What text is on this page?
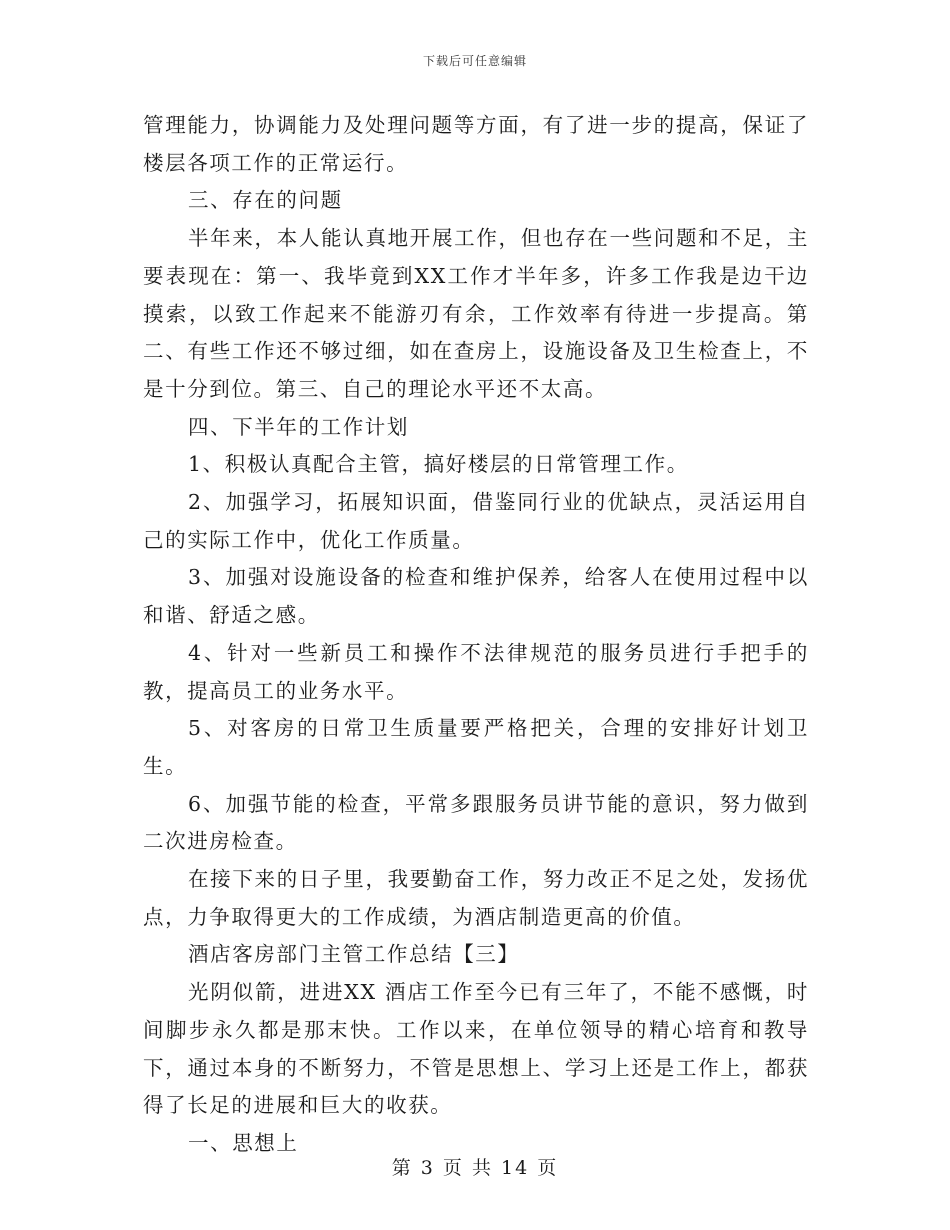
下载后可任意编辑

管理能力，协调能力及处理问题等方面，有了进一步的提高，保证了楼层各项工作的正常运行。

三、存在的问题

半年来，本人能认真地开展工作，但也存在一些问题和不足，主要表现在：第一、我毕竟到XX工作才半年多，许多工作我是边干边摸索，以致工作起来不能游刃有余，工作效率有待进一步提高。第二、有些工作还不够过细，如在查房上，设施设备及卫生检查上，不是十分到位。第三、自己的理论水平还不太高。

四、下半年的工作计划

1、积极认真配合主管，搞好楼层的日常管理工作。

2、加强学习，拓展知识面，借鉴同行业的优缺点，灵活运用自己的实际工作中，优化工作质量。

3、加强对设施设备的检查和维护保养，给客人在使用过程中以和谐、舒适之感。

4、针对一些新员工和操作不法律规范的服务员进行手把手的教，提高员工的业务水平。

5、对客房的日常卫生质量要严格把关，合理的安排好计划卫生。

6、加强节能的检查，平常多跟服务员讲节能的意识，努力做到二次进房检查。

在接下来的日子里，我要勤奋工作，努力改正不足之处，发扬优点，力争取得更大的工作成绩，为酒店制造更高的价值。

酒店客房部门主管工作总结【三】

光阴似箭，进进XX 酒店工作至今已有三年了，不能不感慨，时间脚步永久都是那末快。工作以来，在单位领导的精心培育和教导下，通过本身的不断努力，不管是思想上、学习上还是工作上，都获得了长足的进展和巨大的收获。

一、思想上

第 3 页 共 14 页
